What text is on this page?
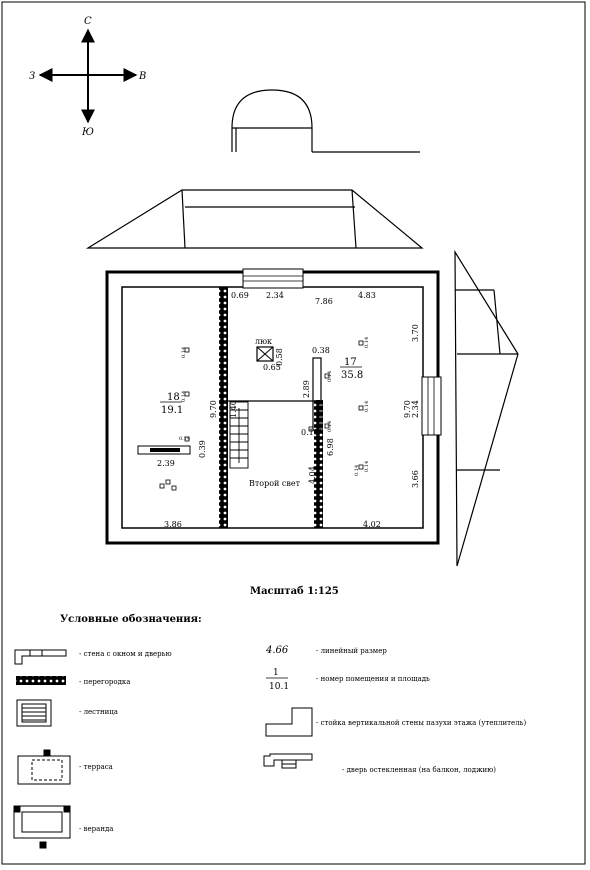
С
Ю
З	В
0.69 2.34
7.86
4.83
0.65
0.38
2.39
0.18
3.86	4.02
3.70
9.70 2.34
3.66
9.70 1.40
0.58
2.89
6.98
4.04
0.39
0.14
0.14
0.14
0.14
0.14
0.14
0.14
0.14
0.14
18
19.1
17
35.8
люк
Второй свет
Масштаб 1:125
Условные обозначения:
- стена с окном и дверью
- перегородка
- лестница
- терраса
- веранда
4.66	- линейный размер
1
10.1
- номер помещения и площадь
- стойка вертикальной стены пазухи этажа (утеплитель)
- дверь остекленная (на балкон, лоджию)
